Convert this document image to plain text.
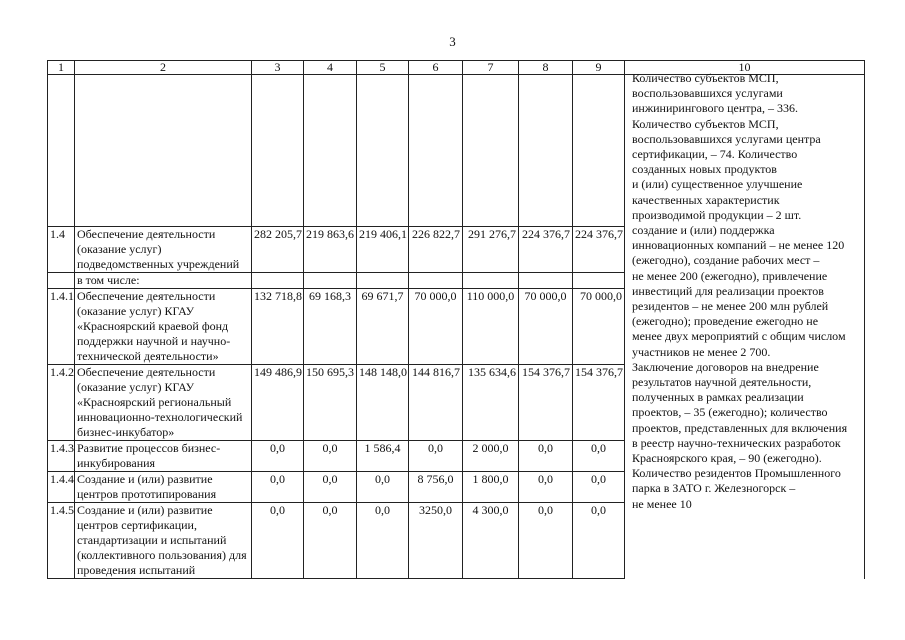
3
1	2	3	4	5	6	7	8	9	10

1.4	Обеспечение деятельности (оказание услуг) подведомственных учреждений	282 205,7	219 863,6	219 406,1	226 822,7	291 276,7	224 376,7	224 376,7	
	в том числе:								
1.4.1	Обеспечение деятельности (оказание услуг) КГАУ «Красноярский краевой фонд поддержки научной и научно-технической деятельности»	132 718,8	69 168,3	69 671,7	70 000,0	110 000,0	70 000,0	70 000,0	
1.4.2	Обеспечение деятельности (оказание услуг) КГАУ «Красноярский региональный инновационно-технологический бизнес-инкубатор»	149 486,9	150 695,3	148 148,0	144 816,7	135 634,6	154 376,7	154 376,7	
1.4.3	Развитие процессов бизнес-инкубирования	0,0	0,0	1 586,4	0,0	2 000,0	0,0	0,0	
1.4.4	Создание и (или) развитие центров прототипирования	0,0	0,0	0,0	8 756,0	1 800,0	0,0	0,0	
1.4.5	Создание и (или) развитие центров сертификации, стандартизации и испытаний (коллективного пользования) для проведения испытаний	0,0	0,0	0,0	3250,0	4 300,0	0,0	0,0	
Количество субъектов МСП,
воспользовавшихся услугами
инжинирингового центра, – 336.
Количество субъектов МСП,
воспользовавшихся услугами центра
сертификации, – 74. Количество
созданных новых продуктов
и (или) существенное улучшение
качественных характеристик
производимой продукции – 2 шт.
создание и (или) поддержка
инновационных компаний – не менее 120
(ежегодно), создание рабочих мест –
не менее 200 (ежегодно), привлечение
инвестиций для реализации проектов
резидентов – не менее 200 млн рублей
(ежегодно); проведение ежегодно не
менее двух мероприятий с общим числом
участников не менее 2 700.
Заключение договоров на внедрение
результатов научной деятельности,
полученных в рамках реализации
проектов, – 35 (ежегодно); количество
проектов, представленных для включения
в реестр научно-технических разработок
Красноярского края, – 90 (ежегодно).
Количество резидентов Промышленного
парка в ЗАТО г. Железногорск –
не менее 10
